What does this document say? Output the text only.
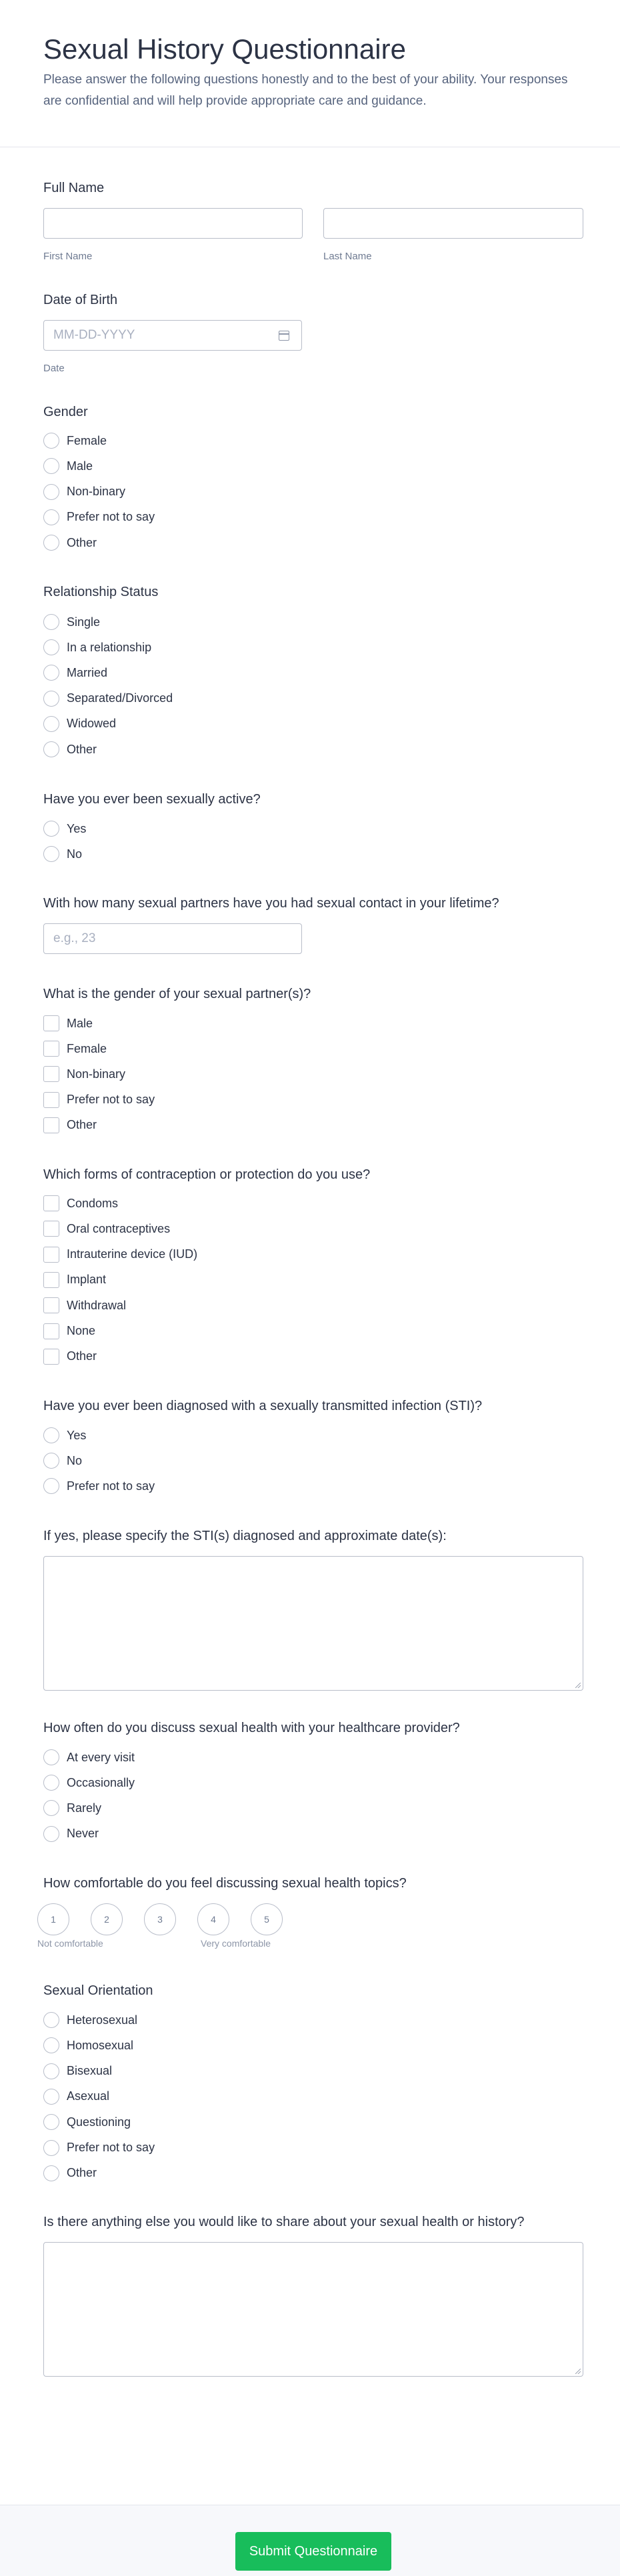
Sexual History Questionnaire

Please answer the following questions honestly and to the best of your ability. Your responses are confidential and will help provide appropriate care and guidance.

Full Name
First Name	Last Name
Date of Birth
MM-DD-YYYY
Date
Gender
Female
Male
Non-binary
Prefer not to say
Other
Relationship Status
Single
In a relationship
Married
Separated/Divorced
Widowed
Other
Have you ever been sexually active?
Yes
No
With how many sexual partners have you had sexual contact in your lifetime?
e.g., 23
What is the gender of your sexual partner(s)?
Male
Female
Non-binary
Prefer not to say
Other
Which forms of contraception or protection do you use?
Condoms
Oral contraceptives
Intrauterine device (IUD)
Implant
Withdrawal
None
Other
Have you ever been diagnosed with a sexually transmitted infection (STI)?
Yes
No
Prefer not to say
If yes, please specify the STI(s) diagnosed and approximate date(s):
How often do you discuss sexual health with your healthcare provider?
At every visit
Occasionally
Rarely
Never
How comfortable do you feel discussing sexual health topics?
1	2	3	4	5
Not comfortable	Very comfortable
Sexual Orientation
Heterosexual
Homosexual
Bisexual
Asexual
Questioning
Prefer not to say
Other
Is there anything else you would like to share about your sexual health or history?
Submit Questionnaire
